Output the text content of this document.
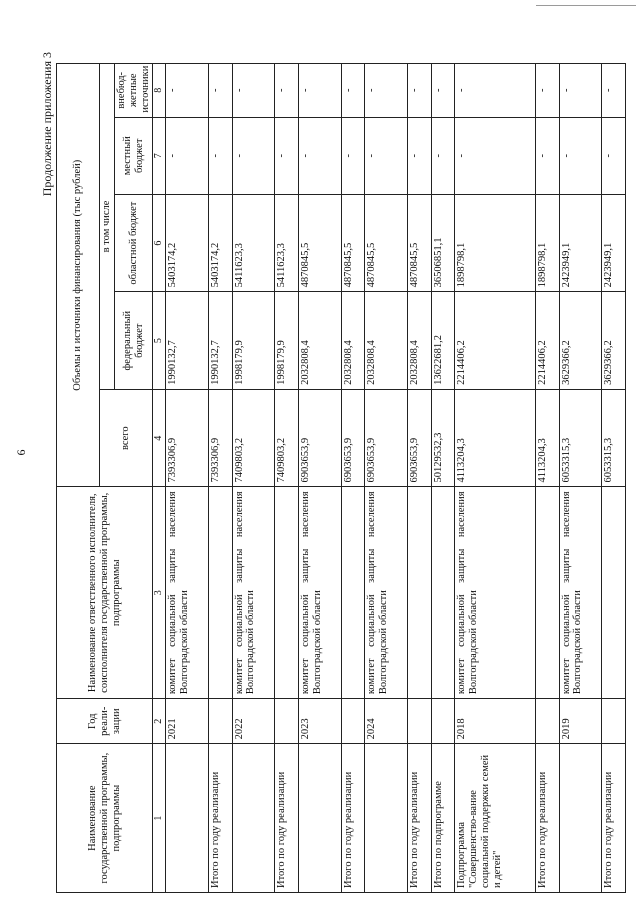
6
Продолжение приложения 3
Наименование государственной программы, подпрограммы	Год реали-зации	Наименование ответственного исполнителя, соисполнителя государственной программы, подпрограммы	Объемы и источники финансирования (тыс рублей)				
			всего	в том числе			
				федеральный бюджет	областной бюджет	местный бюджет	внебюд-жетные источники
1	2	3	4	5	6	7	8
	2021	комитет социальной защиты населения Волгоградской области	7393306,9	1990132,7	5403174,2	-	-
Итого по году реализации			7393306,9	1990132,7	5403174,2	-	-
	2022	комитет социальной защиты населения Волгоградской области	7409803,2	1998179,9	5411623,3	-	-
Итого по году реализации			7409803,2	1998179,9	5411623,3	-	-
	2023	комитет социальной защиты населения Волгоградской области	6903653,9	2032808,4	4870845,5	-	-
Итого по году реализации			6903653,9	2032808,4	4870845,5	-	-
	2024	комитет социальной защиты населения Волгоградской области	6903653,9	2032808,4	4870845,5	-	-
Итого по году реализации			6903653,9	2032808,4	4870845,5	-	-
Итого по подпрограмме			50129532,3	13622681,2	36506851,1	-	-
Подпрограмма "Совершенство-вание социальной поддержки семей и детей"	2018	комитет социальной защиты населения Волгоградской области	4113204,3	2214406,2	1898798,1	-	-
Итого по году реализации			4113204,3	2214406,2	1898798,1	-	-
	2019	комитет социальной защиты населения Волгоградской области	6053315,3	3629366,2	2423949,1	-	-
Итого по году реализации			6053315,3	3629366,2	2423949,1	-	-
